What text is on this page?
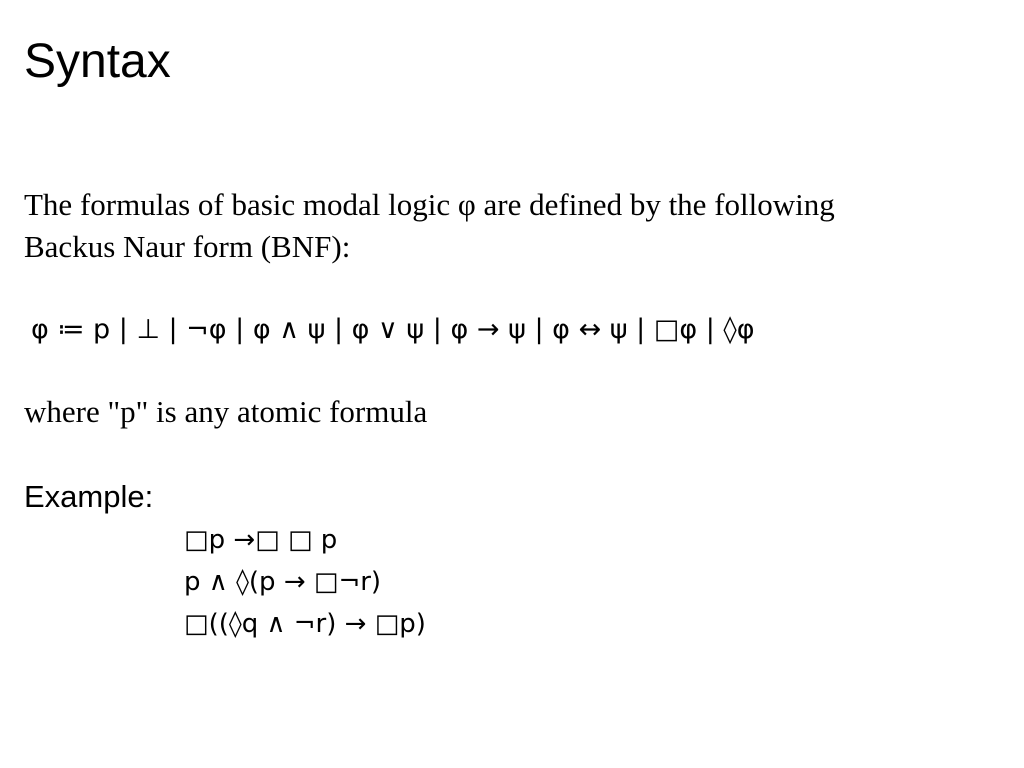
Syntax
The formulas of basic modal logic φ are defined by the following
Backus Naur form (BNF):
φ ≔ p | ⊥ | ¬φ | φ ∧ ψ | φ ∨ ψ | φ → ψ | φ ↔ ψ | □φ | ◊φ
where "p" is any atomic formula
Example:
□p →□ □ p
p ∧ ◊(p → □¬r)
□((◊q ∧ ¬r) → □p)
